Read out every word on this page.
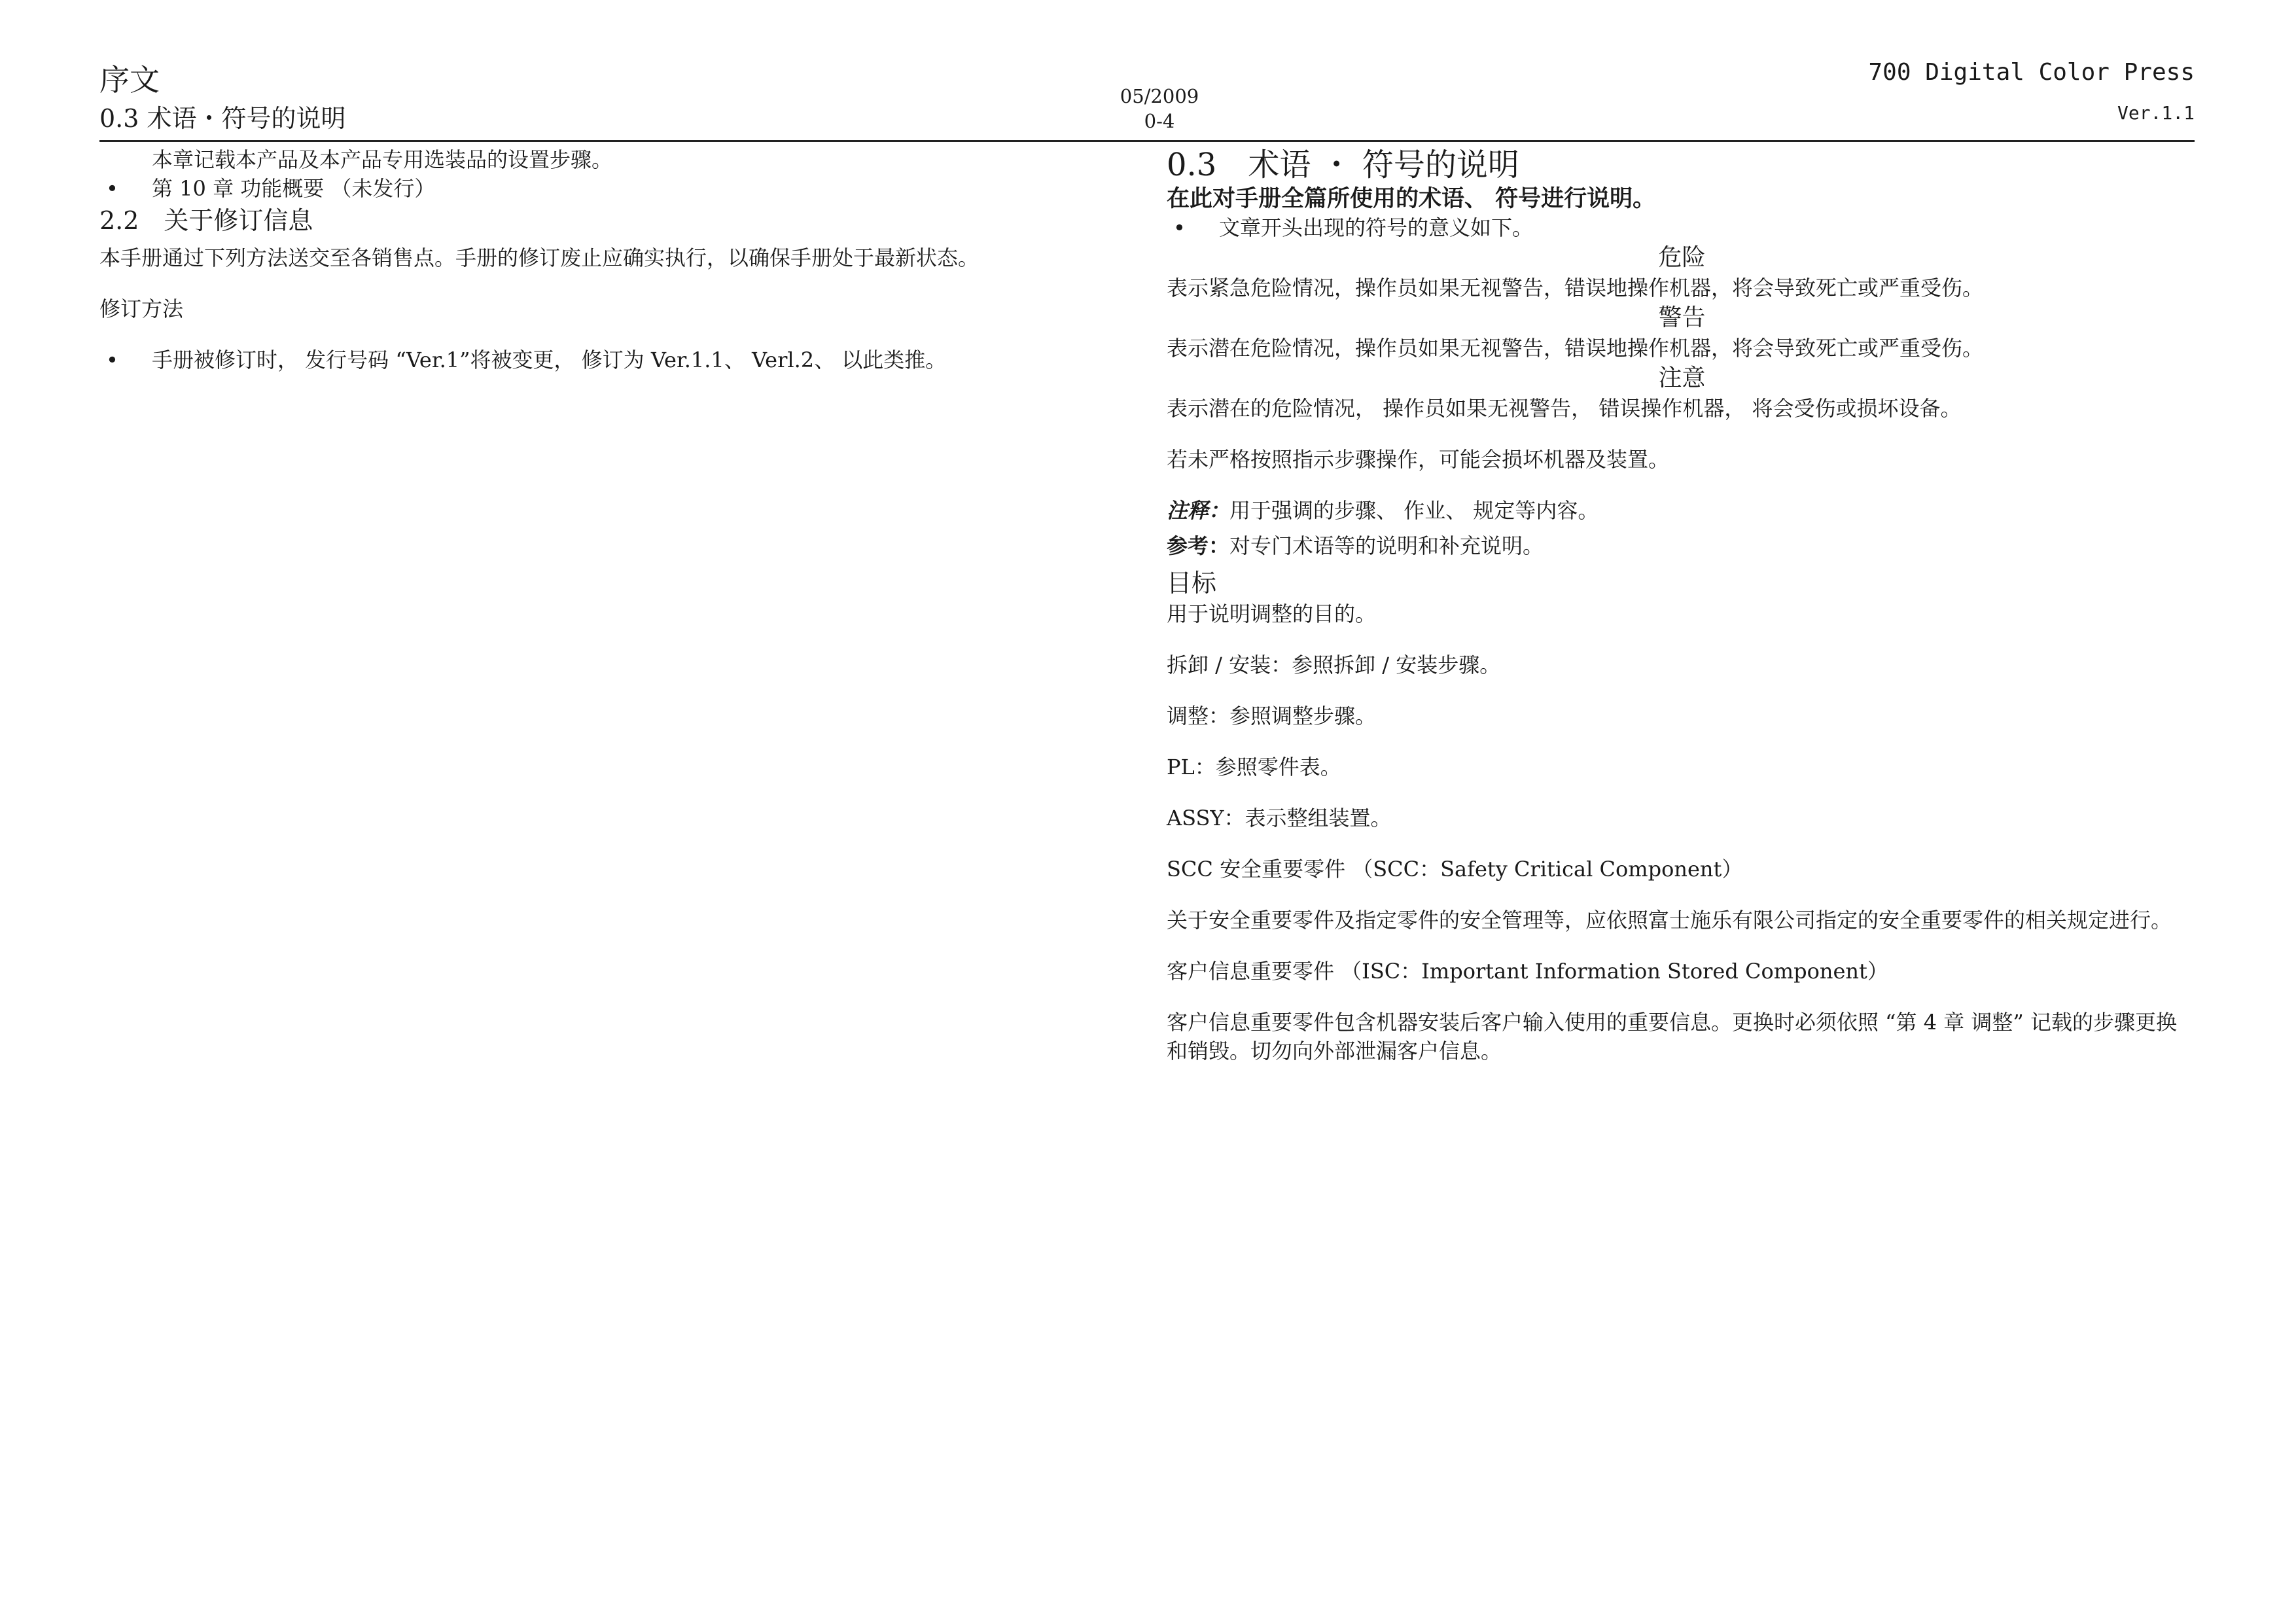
序文
0.3 术语・符号的说明
05/2009
0-4
700 Digital Color Press
Ver.1.1

本章记载本产品及本产品专用选装品的设置步骤。

•	第 10 章 功能概要 （未发行）
2.2　关于修订信息

本手册通过下列方法送交至各销售点。手册的修订废止应确实执行，以确保手册处于最新状态。

修订方法

•	手册被修订时， 发行号码 “Ver.1”将被变更， 修订为 Ver.1.1、 Verl.2、 以此类推。
0.3　术语 ・ 符号的说明
在此对手册全篇所使用的术语、 符号进行说明。
•	文章开头出现的符号的意义如下。
危险

表示紧急危险情况，操作员如果无视警告，错误地操作机器，将会导致死亡或严重受伤。

警告

表示潜在危险情况，操作员如果无视警告，错误地操作机器，将会导致死亡或严重受伤。

注意

表示潜在的危险情况， 操作员如果无视警告， 错误操作机器， 将会受伤或损坏设备。

若未严格按照指示步骤操作，可能会损坏机器及装置。

注释：用于强调的步骤、 作业、 规定等内容。

参考：对专门术语等的说明和补充说明。

目标

用于说明调整的目的。

拆卸 / 安装：参照拆卸 / 安装步骤。

调整：参照调整步骤。

PL：参照零件表。

ASSY：表示整组装置。

SCC 安全重要零件 （SCC：Safety Critical Component）

关于安全重要零件及指定零件的安全管理等，应依照富士施乐有限公司指定的安全重要零件的相关规定进行。

客户信息重要零件 （ISC：Important Information Stored Component）

客户信息重要零件包含机器安装后客户输入使用的重要信息。更换时必须依照 “第 4 章 调整” 记载的步骤更换和销毁。切勿向外部泄漏客户信息。
